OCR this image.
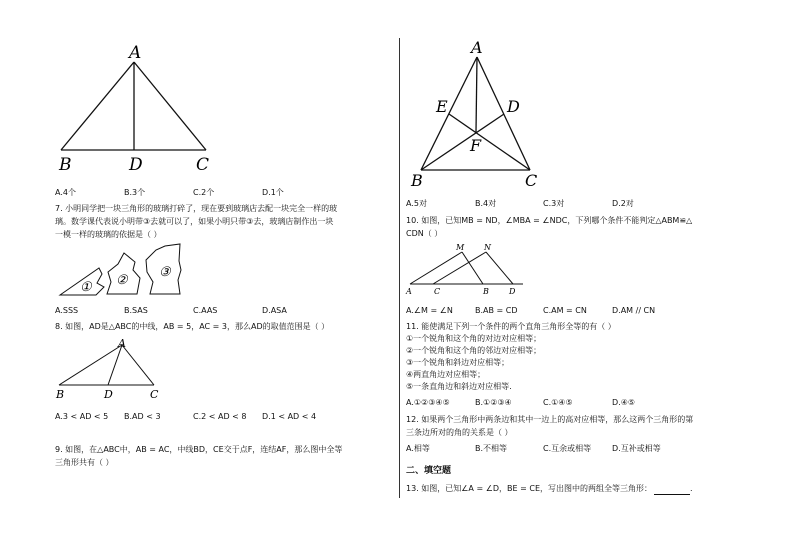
A
B	D	C
A.4个	B.3个	C.2个	D.1个
7. 小明同学把一块三角形的玻璃打碎了，现在要到玻璃店去配一块完全一样的玻
璃。数学课代表说小明带③去就可以了，如果小明只带③去，玻璃店制作出一块
一模一样的玻璃的依据是（ ）
① ②
③
A.SSS	B.SAS	C.AAS	D.ASA
8. 如图，AD是△ABC的中线，AB = 5，AC = 3，那么AD的取值范围是（ ）
A
B	D	C
A.3 < AD < 5 B.AD < 3	C.2 < AD < 8 D.1 < AD < 4
9. 如图，在△ABC中，AB = AC，中线BD，CE交于点F，连结AF，那么图中全等
三角形共有（ ）
A
E	D
F
B	C
A.5对	B.4对	C.3对	D.2对
10. 如图，已知MB = ND，∠MBA = ∠NDC，下列哪个条件不能判定△ABM≌△
CDN（ ）
M N
A	C	B	D
A.∠M = ∠N	B.AB = CD	C.AM = CN	D.AM // CN
11. 能使满足下列一个条件的两个直角三角形全等的有（ ）
①一个锐角和这个角的对边对应相等；
②一个锐角和这个角的邻边对应相等；
③一个锐角和斜边对应相等；
④两直角边对应相等；
⑤一条直角边和斜边对应相等.
A.①②③④⑤	B.①②③④	C.①④⑤	D.④⑤
12. 如果两个三角形中两条边和其中一边上的高对应相等，那么这两个三角形的第
三条边所对的角的关系是（ ）
A.相等	B.不相等	C.互余或相等	D.互补或相等
二、填空题
13. 如图，已知∠A = ∠D，BE = CE，写出图中的两组全等三角形：	.
